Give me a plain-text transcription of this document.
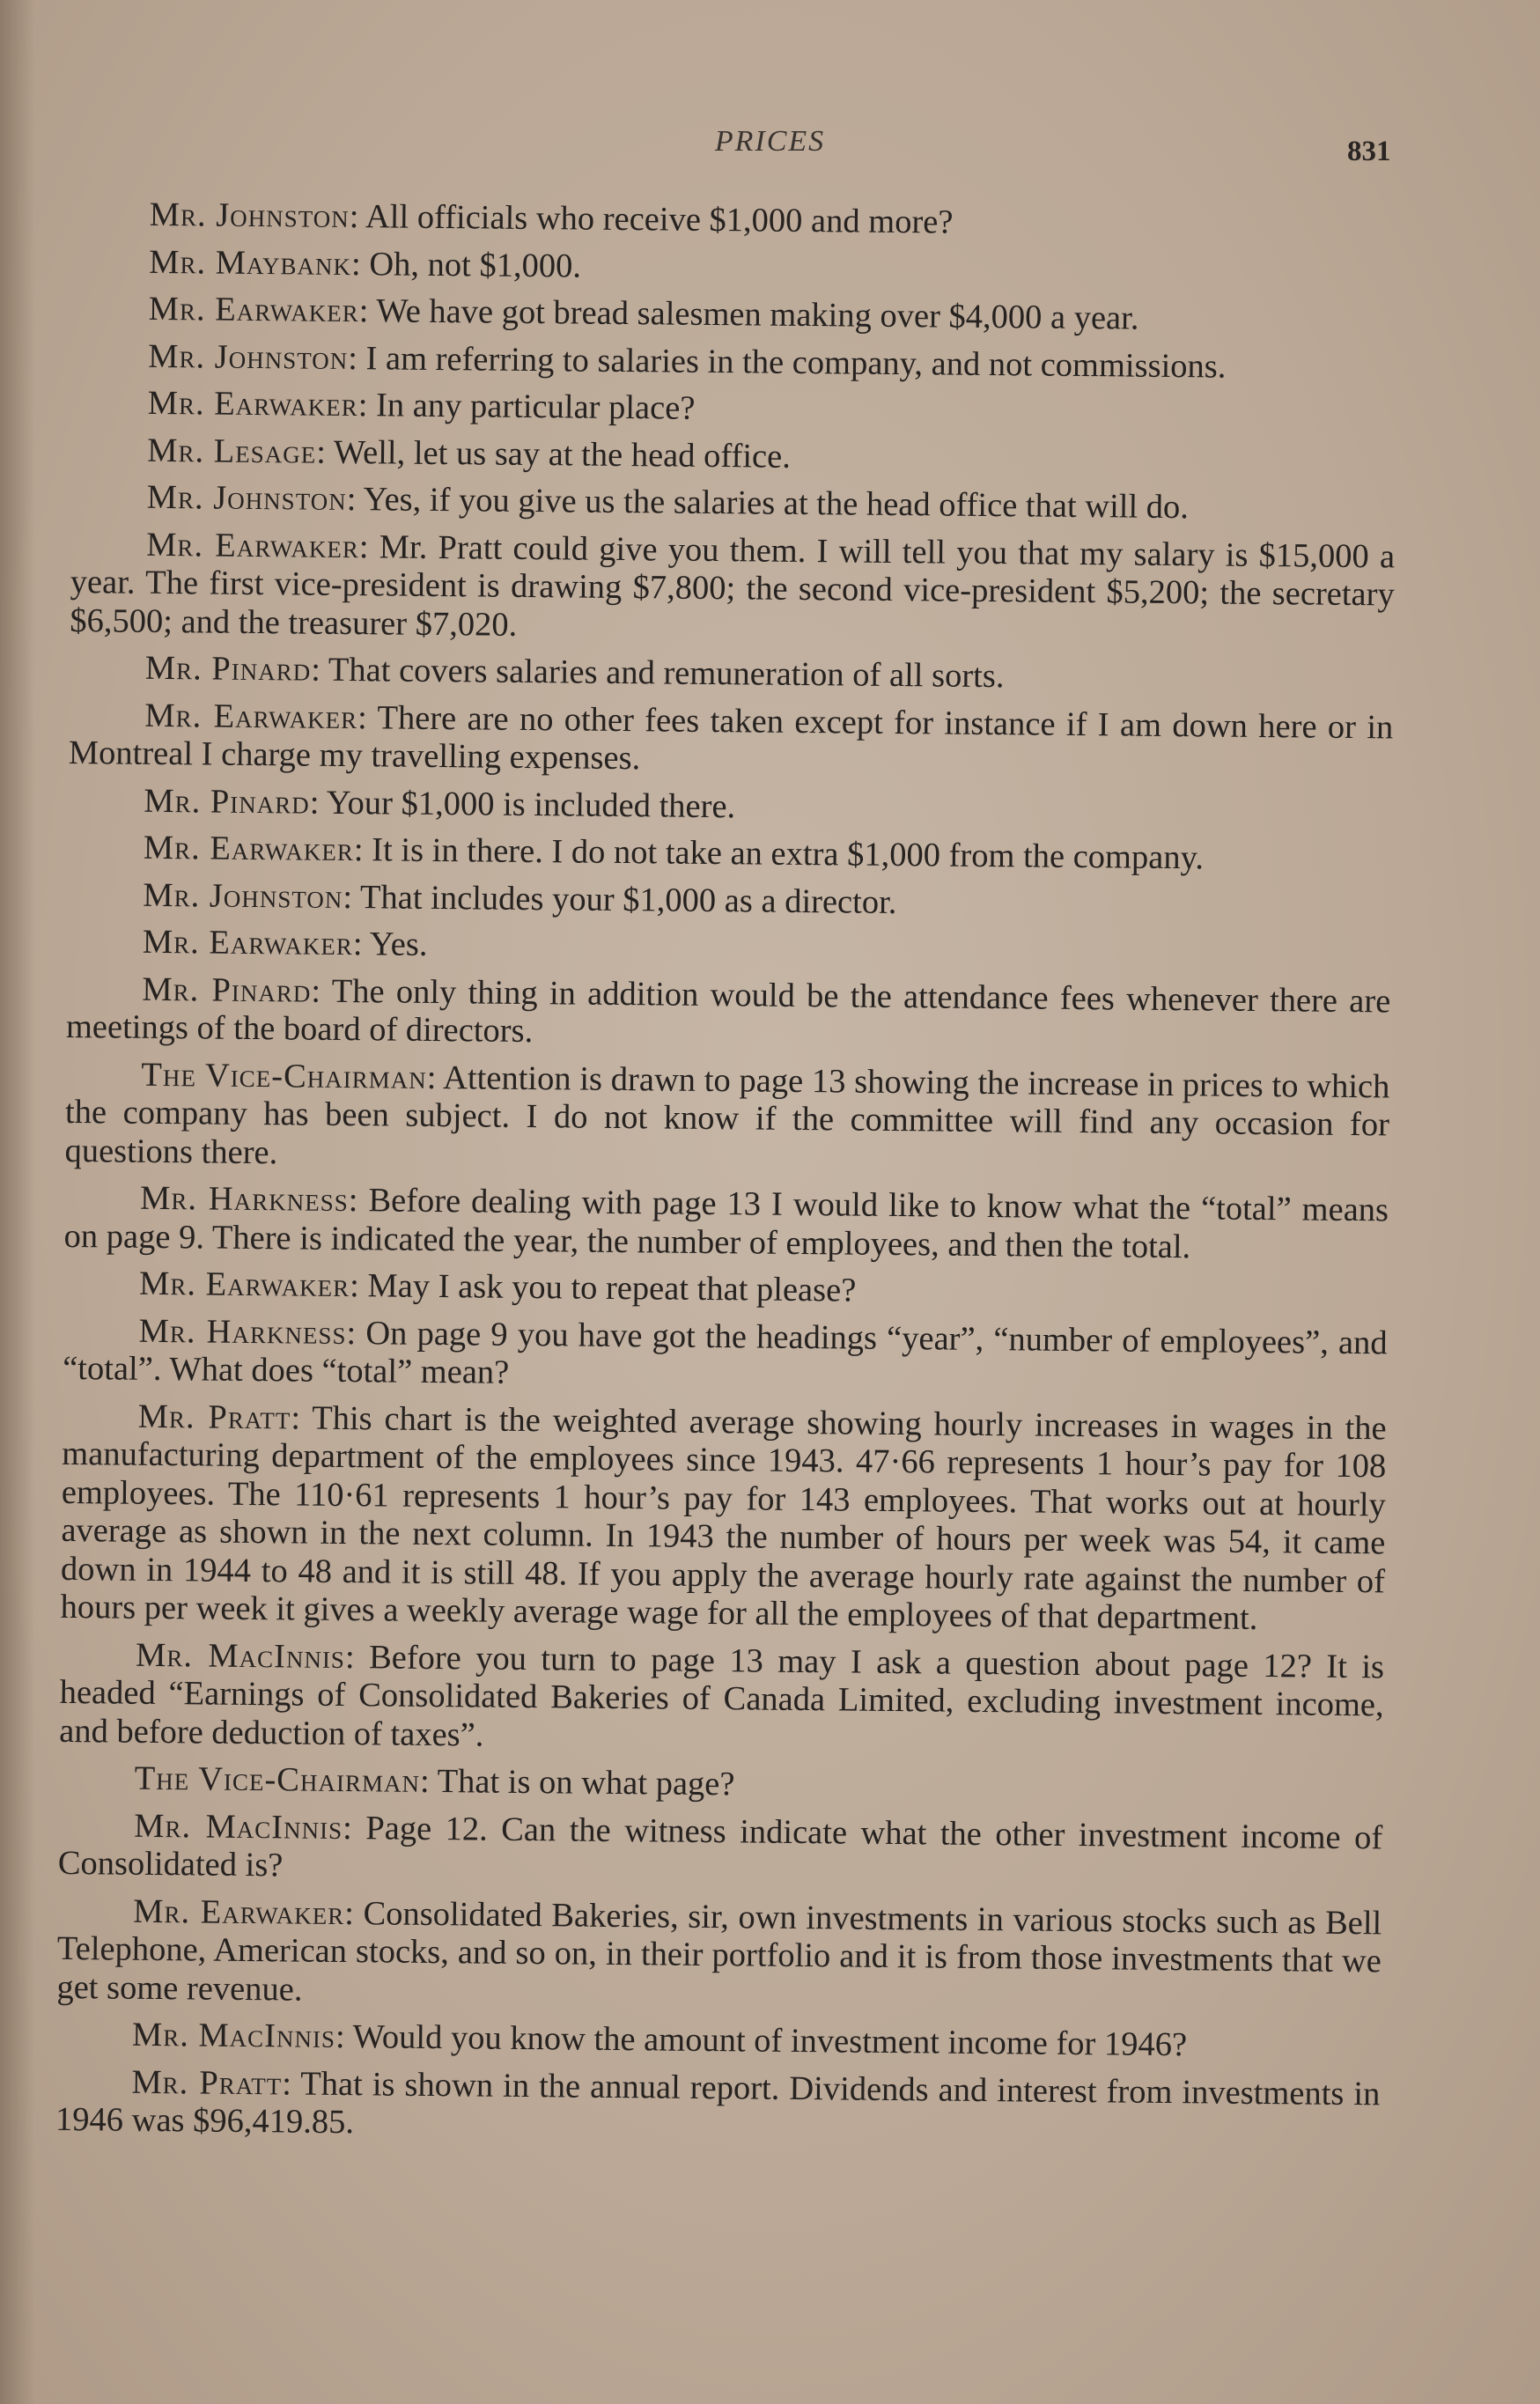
PRICES	831

Mr. Johnston: All officials who receive $1,000 and more?

Mr. Maybank: Oh, not $1,000.

Mr. Earwaker: We have got bread salesmen making over $4,000 a year.

Mr. Johnston: I am referring to salaries in the company, and not commissions.

Mr. Earwaker: In any particular place?

Mr. Lesage: Well, let us say at the head office.

Mr. Johnston: Yes, if you give us the salaries at the head office that will do.

Mr. Earwaker: Mr. Pratt could give you them. I will tell you that my salary is $15,000 a year. The first vice-president is drawing $7,800; the second vice-president $5,200; the secretary $6,500; and the treasurer $7,020.

Mr. Pinard: That covers salaries and remuneration of all sorts.

Mr. Earwaker: There are no other fees taken except for instance if I am down here or in Montreal I charge my travelling expenses.

Mr. Pinard: Your $1,000 is included there.

Mr. Earwaker: It is in there. I do not take an extra $1,000 from the company.

Mr. Johnston: That includes your $1,000 as a director.

Mr. Earwaker: Yes.

Mr. Pinard: The only thing in addition would be the attendance fees whenever there are meetings of the board of directors.

The Vice-Chairman: Attention is drawn to page 13 showing the increase in prices to which the company has been subject. I do not know if the committee will find any occasion for questions there.

Mr. Harkness: Before dealing with page 13 I would like to know what the “total” means on page 9. There is indicated the year, the number of employees, and then the total.

Mr. Earwaker: May I ask you to repeat that please?

Mr. Harkness: On page 9 you have got the headings “year”, “number of employees”, and “total”. What does “total” mean?

Mr. Pratt: This chart is the weighted average showing hourly increases in wages in the manufacturing department of the employees since 1943. 47·66 represents 1 hour’s pay for 108 employees. The 110·61 represents 1 hour’s pay for 143 employees. That works out at hourly average as shown in the next column. In 1943 the number of hours per week was 54, it came down in 1944 to 48 and it is still 48. If you apply the average hourly rate against the number of hours per week it gives a weekly average wage for all the employees of that department.

Mr. MacInnis: Before you turn to page 13 may I ask a question about page 12? It is headed “Earnings of Consolidated Bakeries of Canada Limited, excluding investment income, and before deduction of taxes”.

The Vice-Chairman: That is on what page?

Mr. MacInnis: Page 12. Can the witness indicate what the other investment income of Consolidated is?

Mr. Earwaker: Consolidated Bakeries, sir, own investments in various stocks such as Bell Telephone, American stocks, and so on, in their portfolio and it is from those investments that we get some revenue.

Mr. MacInnis: Would you know the amount of investment income for 1946?

Mr. Pratt: That is shown in the annual report. Dividends and interest from investments in 1946 was $96,419.85.
